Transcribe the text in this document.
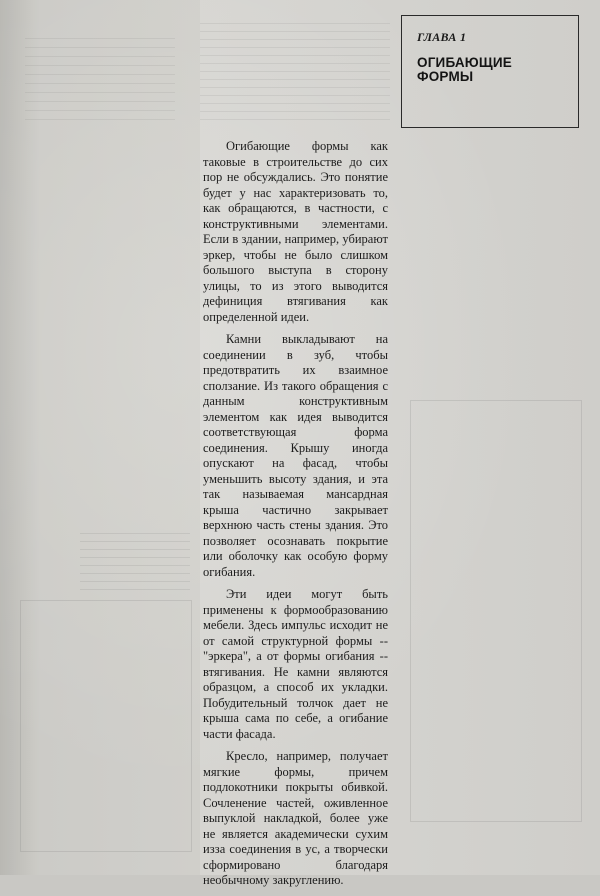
ГЛАВА 1
ОГИБАЮЩИЕ
ФОРМЫ

Огибающие формы как таковые в строительстве до сих пор не обсуждались. Это понятие будет у нас характеризовать то, как обращаются, в частности, с конструктивными элементами. Если в здании, например, убирают эркер, чтобы не было слишком большого выступа в сторону улицы, то из этого выводится дефиниция втягивания как определенной идеи.

Камни выкладывают на соединении в зуб, чтобы предотвратить их взаимное сползание. Из такого обращения с данным конструктивным элементом как идея выводится соответствующая форма соединения. Крышу иногда опускают на фасад, чтобы уменьшить высоту здания, и эта так называемая мансардная крыша частично закрывает верхнюю часть стены здания. Это позволяет осознавать покрытие или оболочку как особую форму огибания.

Эти идеи могут быть применены к формообразованию мебели. Здесь импульс исходит не от самой структурной формы -- "эркера", а от формы огибания -- втягивания. Не камни являются образцом, а способ их укладки. Побудительный толчок дает не крыша сама по себе, а огибание части фасада.

Кресло, например, получает мягкие формы, причем подлокотники покрыты обивкой. Сочленение частей, оживленное выпуклой накладкой, более уже не является академически сухим изза соединения в ус, а творчески сформировано благодаря необычному закруглению.
